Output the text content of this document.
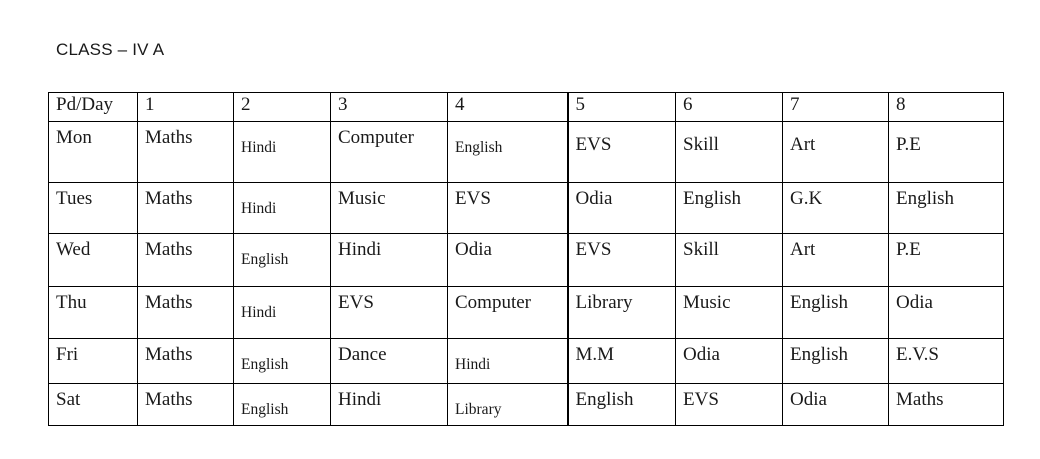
CLASS – IV A
Pd/Day	1	2	3	4	5	6	7	8
Mon	Maths	Hindi	Computer	English	EVS	Skill	Art	P.E
Tues	Maths	Hindi	Music	EVS	Odia	English	G.K	English
Wed	Maths	English	Hindi	Odia	EVS	Skill	Art	P.E
Thu	Maths	Hindi	EVS	Computer	Library	Music	English	Odia
Fri	Maths	English	Dance	Hindi	M.M	Odia	English	E.V.S
Sat	Maths	English	Hindi	Library	English	EVS	Odia	Maths
